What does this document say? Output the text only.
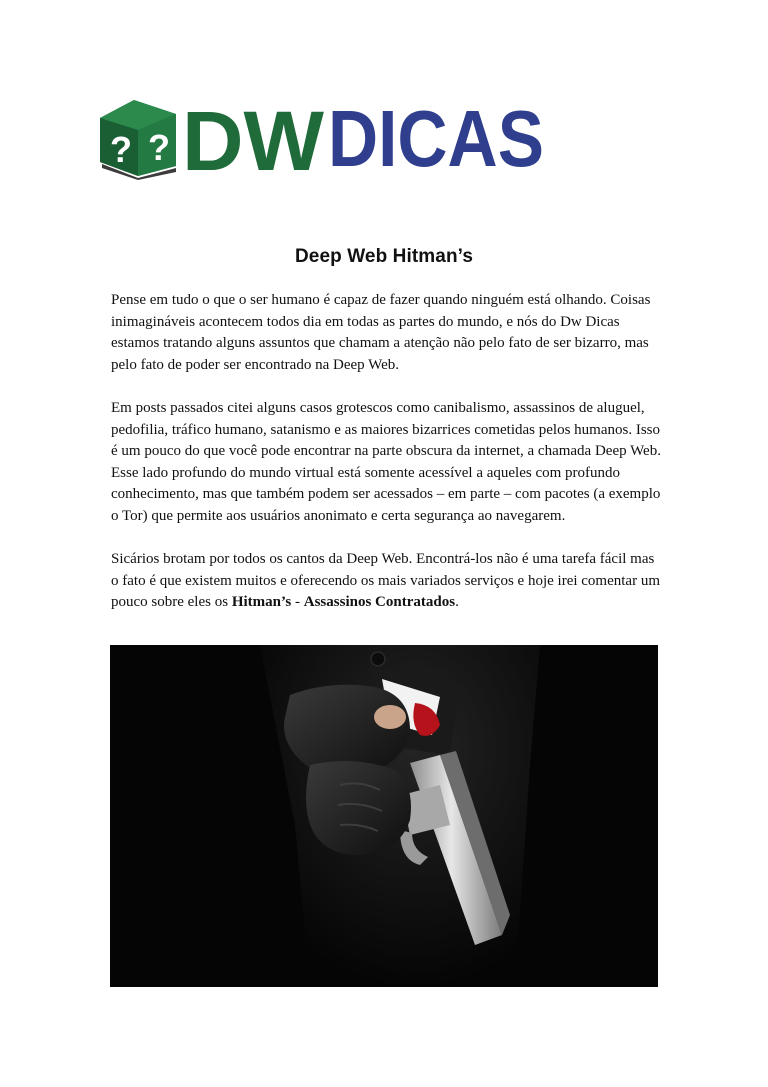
? ? DW DICAS
Deep Web Hitman’s

Pense em tudo o que o ser humano é capaz de fazer quando ninguém está olhando. Coisas inimagináveis acontecem todos dia em todas as partes do mundo, e nós do Dw Dicas estamos tratando alguns assuntos que chamam a atenção não pelo fato de ser bizarro, mas pelo fato de poder ser encontrado na Deep Web.

Em posts passados citei alguns casos grotescos como canibalismo, assassinos de aluguel, pedofilia, tráfico humano, satanismo e as maiores bizarrices cometidas pelos humanos. Isso é um pouco do que você pode encontrar na parte obscura da internet, a chamada Deep Web. Esse lado profundo do mundo virtual está somente acessível a aqueles com profundo conhecimento, mas que também podem ser acessados – em parte – com pacotes (a exemplo o Tor) que permite aos usuários anonimato e certa segurança ao navegarem.

Sicários brotam por todos os cantos da Deep Web. Encontrá-los não é uma tarefa fácil mas o fato é que existem muitos e oferecendo os mais variados serviços e hoje irei comentar um pouco sobre eles os Hitman’s - Assassinos Contratados.
